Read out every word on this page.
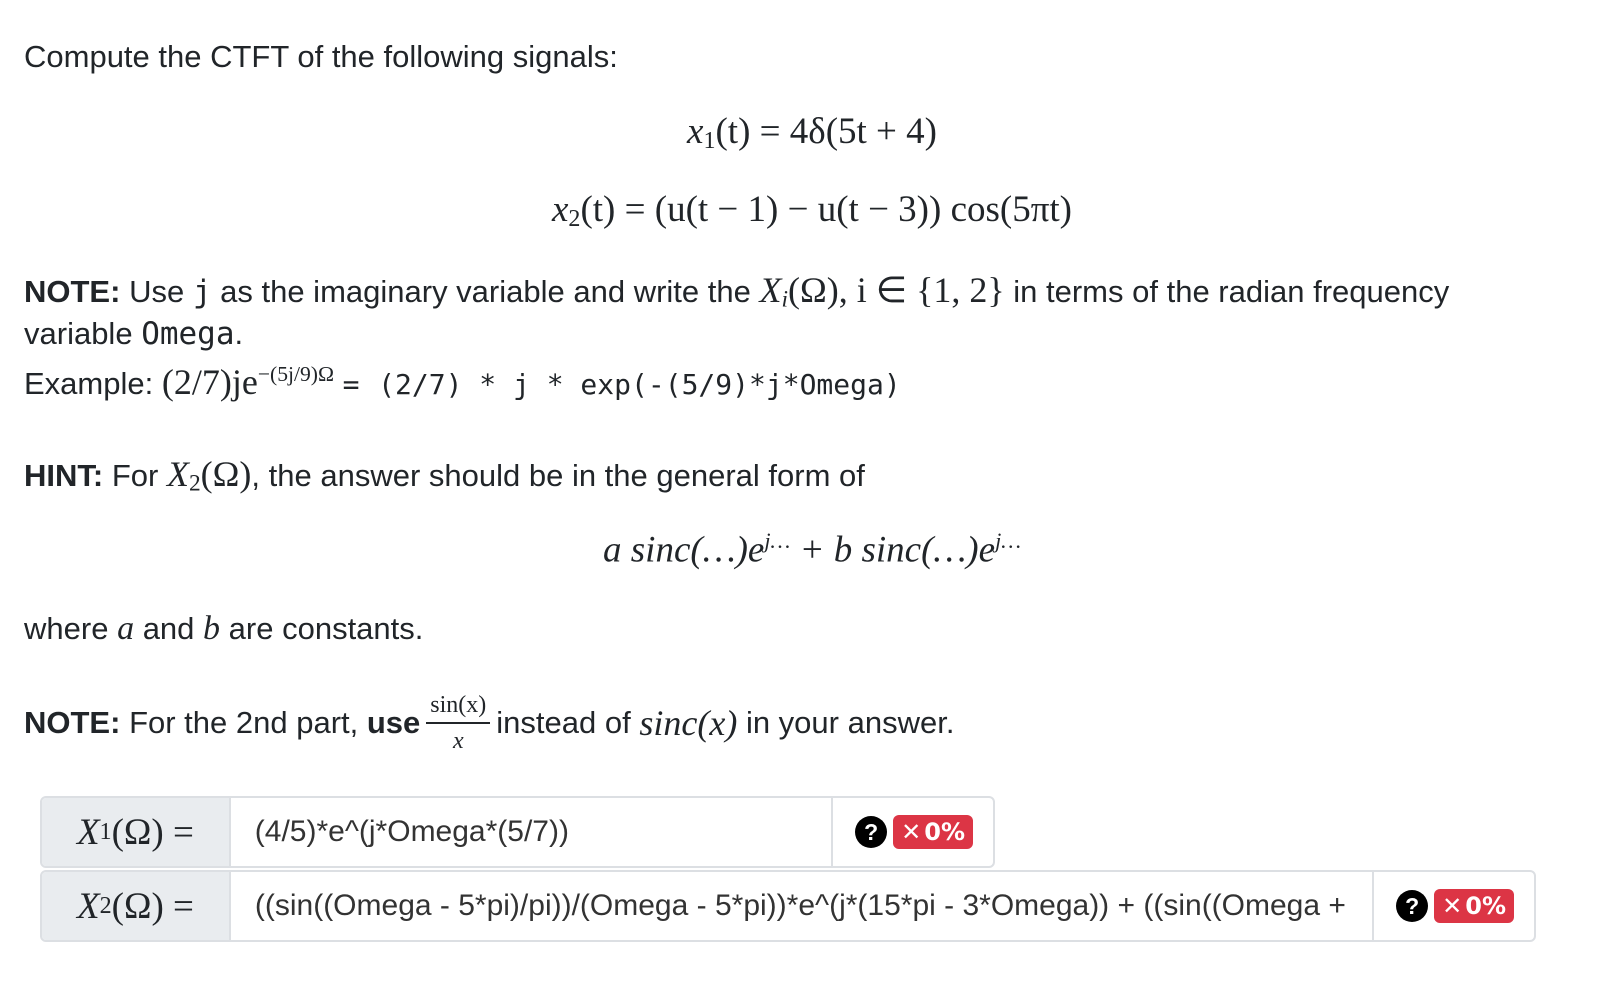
Compute the CTFT of the following signals:
$x_1(t) = 4\delta(5t + 4)$
$x_2(t) = (u(t - 1) - u(t - 3))$ cos(5πt)
NOTE: Use j as the imaginary variable and write the $X_i(\Omega)$, i ∈ {1, 2} in terms of the radian frequency
variable Omega.
Example: $(2/7)je^{-(5j/9)\Omega} = (2/7) * j$ * exp(-(5/9)*j*Omega)
HINT: For $X_2(\Omega)$, the answer should be in the general form of
a $\sin c(\dots)e^{j\dots} + b$ $\sin c(\dots)e^{j\dots}$
where a and b are constants.
NOTE:
For the 2nd part,
use $\frac{\sin(x)}{x}$ instead of
sinc(x)
in your answer.
X 1 (Ω) =
(4/5)*e^(j*Omega*(5/7))	? ✕ 0%
X 2 (Ω) =
((sin((Omega - 5*pi)/pi))/(Omega - 5*pi))*e^(j*(15*pi - 3*Omega)) + ((sin((Omega + 5*pi)/pi))/(Omega + 5*pi))*e^(j*(15*pi + 3*Omega))	? ✕ 0%
